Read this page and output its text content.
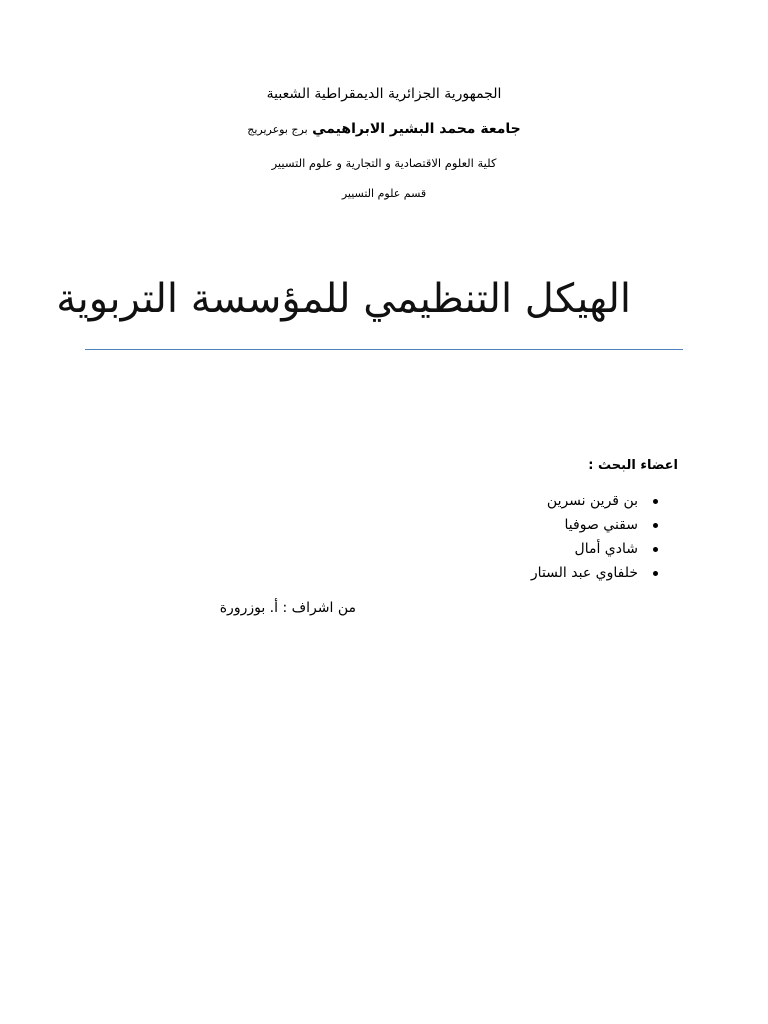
الجمهورية الجزائرية الديمقراطية الشعبية
جامعة محمد البشير الابراهيمي برج بوعريريج
كلية العلوم الاقتصادية و التجارية و علوم التسيير
قسم علوم التسيير
الهيكل التنظيمي للمؤسسة التربوية
اعضاء البحث :
بن قرين نسرين
سقني صوفيا
شادي أمال
خلفاوي عبد الستار
من اشراف : أ. بوزرورة
